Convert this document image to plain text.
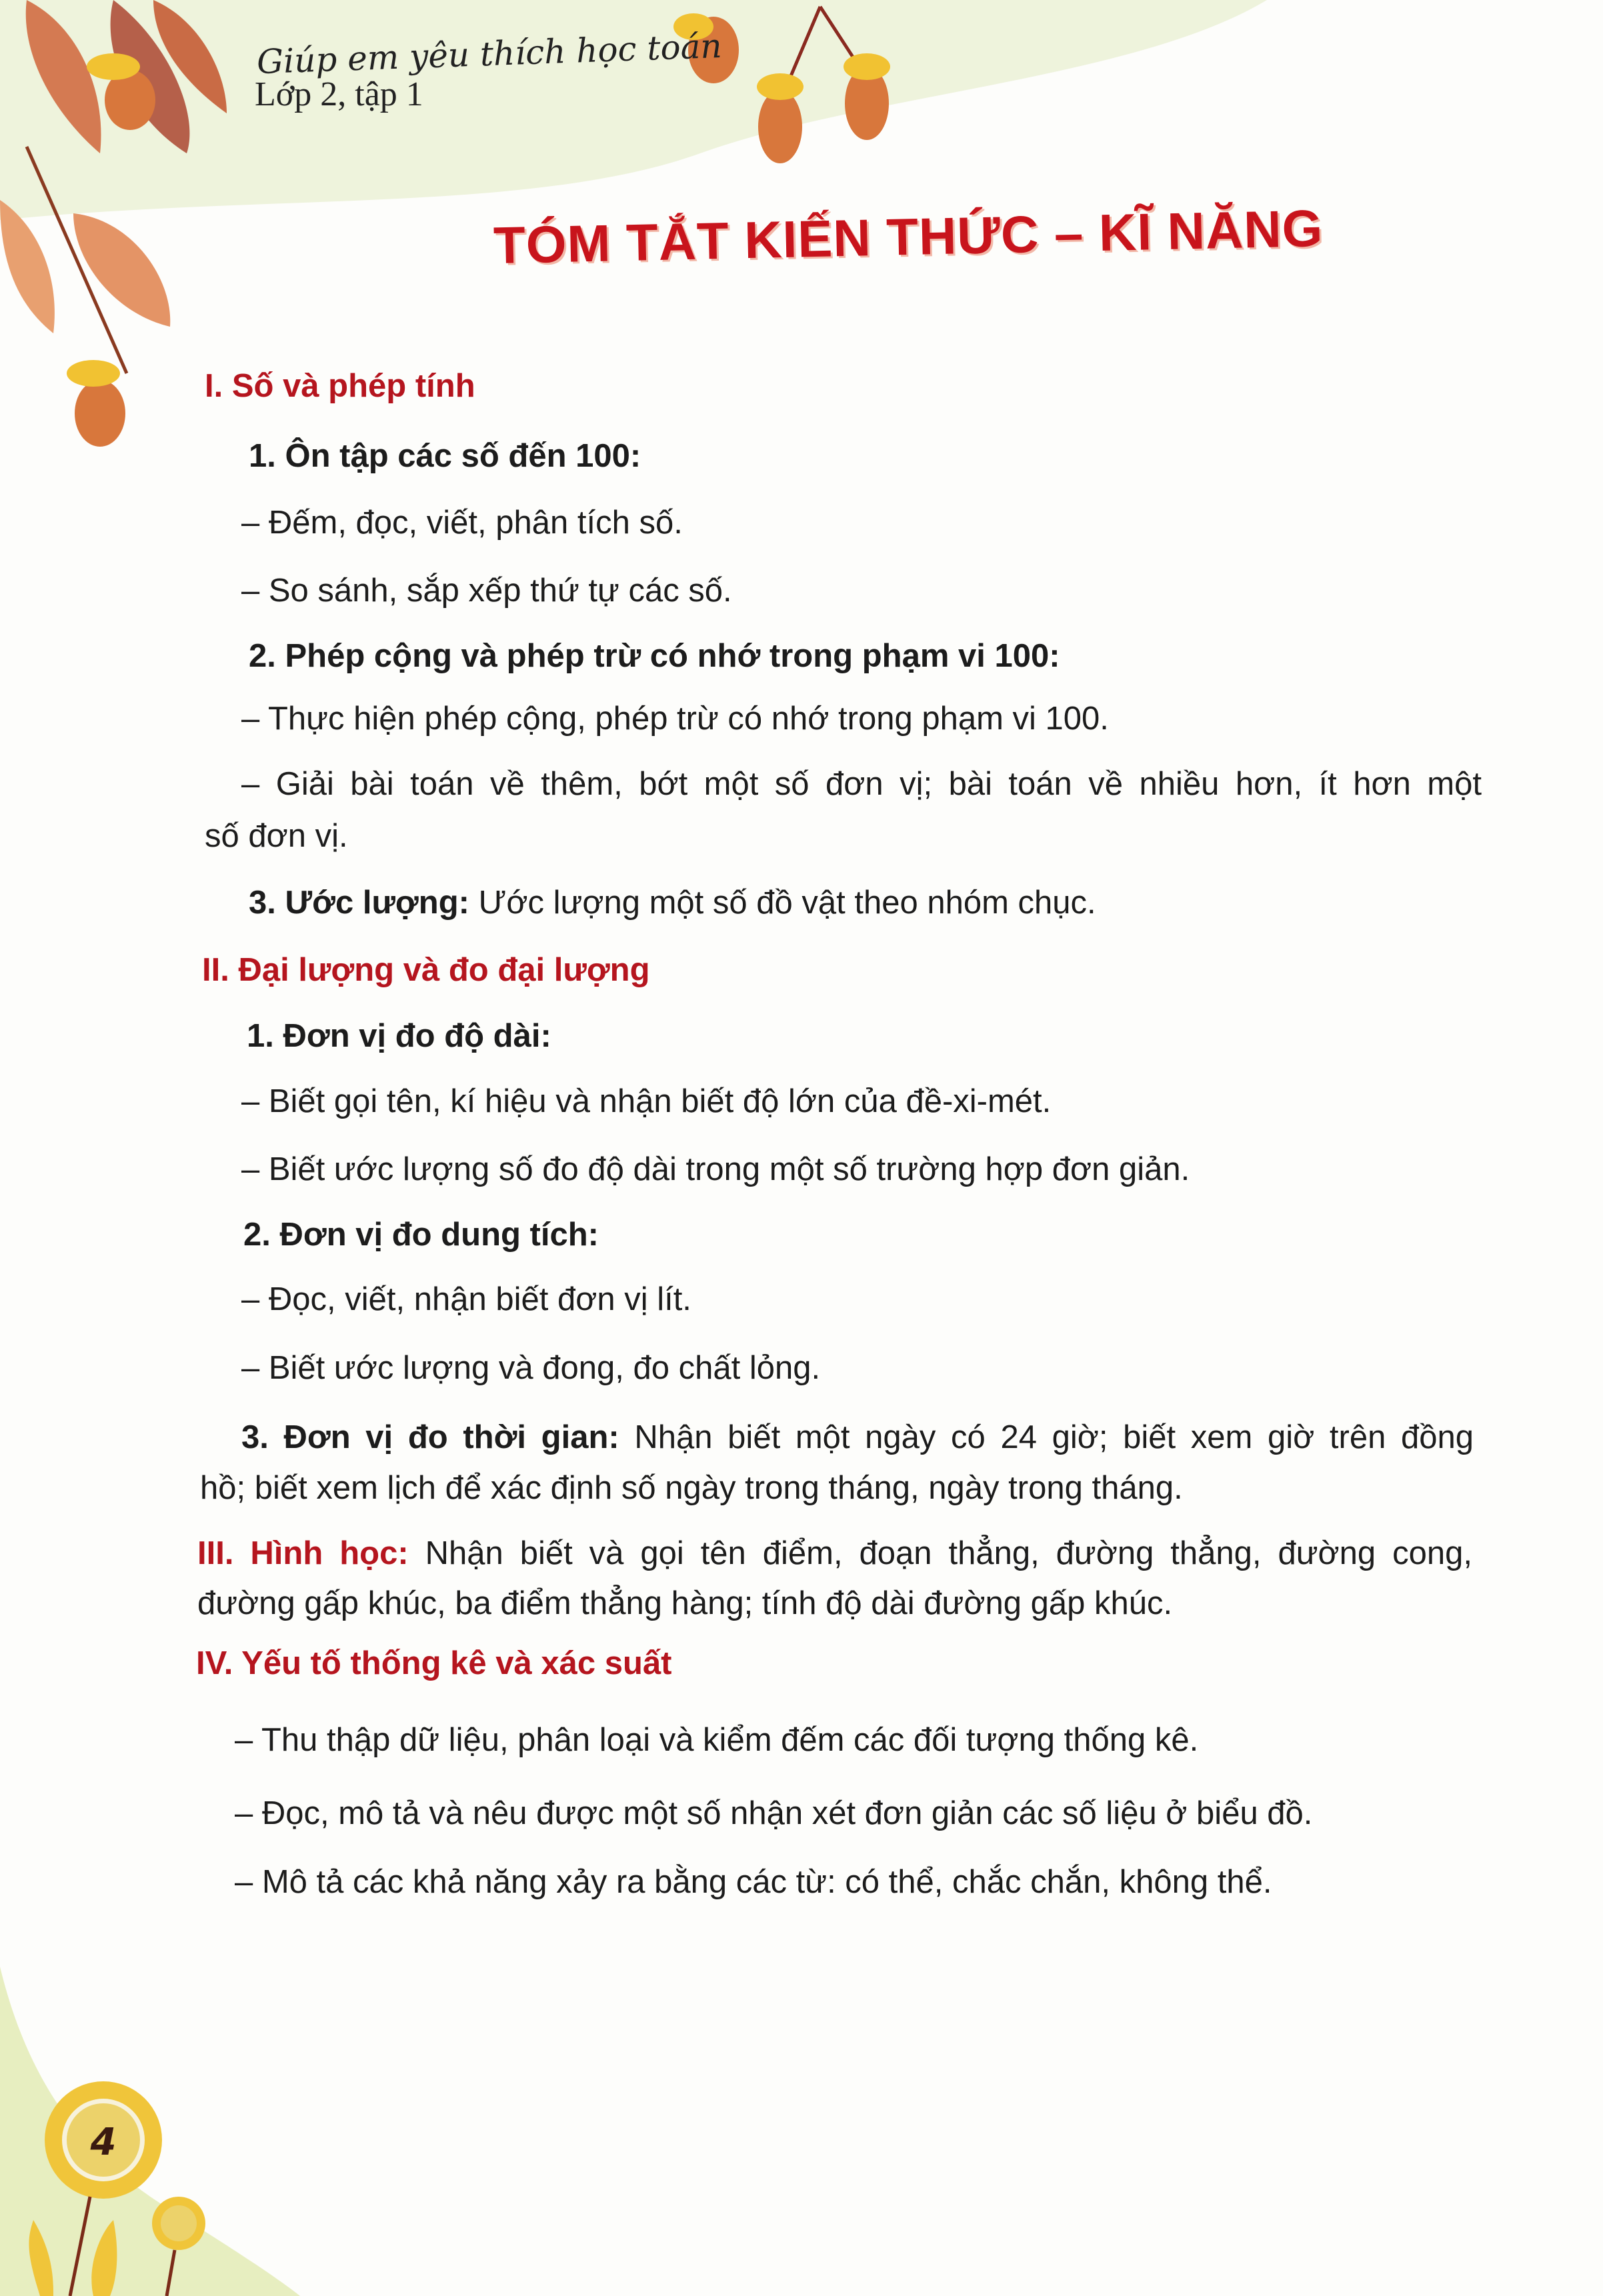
4
Giúp em yêu thích học toán
Lớp 2, tập 1
TÓM TẮT KIẾN THỨC – KĨ NĂNG
I. Số và phép tính
1. Ôn tập các số đến 100:
– Đếm, đọc, viết, phân tích số.
– So sánh, sắp xếp thứ tự các số.
2. Phép cộng và phép trừ có nhớ trong phạm vi 100:
– Thực hiện phép cộng, phép trừ có nhớ trong phạm vi 100.
– Giải bài toán về thêm, bớt một số đơn vị; bài toán về nhiều hơn, ít hơn một
số đơn vị.
3. Ước lượng: Ước lượng một số đồ vật theo nhóm chục.
II. Đại lượng và đo đại lượng
1. Đơn vị đo độ dài:
– Biết gọi tên, kí hiệu và nhận biết độ lớn của đề-xi-mét.
– Biết ước lượng số đo độ dài trong một số trường hợp đơn giản.
2. Đơn vị đo dung tích:
– Đọc, viết, nhận biết đơn vị lít.
– Biết ước lượng và đong, đo chất lỏng.
3. Đơn vị đo thời gian: Nhận biết một ngày có 24 giờ; biết xem giờ trên đồng
hồ; biết xem lịch để xác định số ngày trong tháng, ngày trong tháng.
III. Hình học: Nhận biết và gọi tên điểm, đoạn thẳng, đường thẳng, đường cong,
đường gấp khúc, ba điểm thẳng hàng; tính độ dài đường gấp khúc.
IV. Yếu tố thống kê và xác suất
– Thu thập dữ liệu, phân loại và kiểm đếm các đối tượng thống kê.
– Đọc, mô tả và nêu được một số nhận xét đơn giản các số liệu ở biểu đồ.
– Mô tả các khả năng xảy ra bằng các từ: có thể, chắc chắn, không thể.
